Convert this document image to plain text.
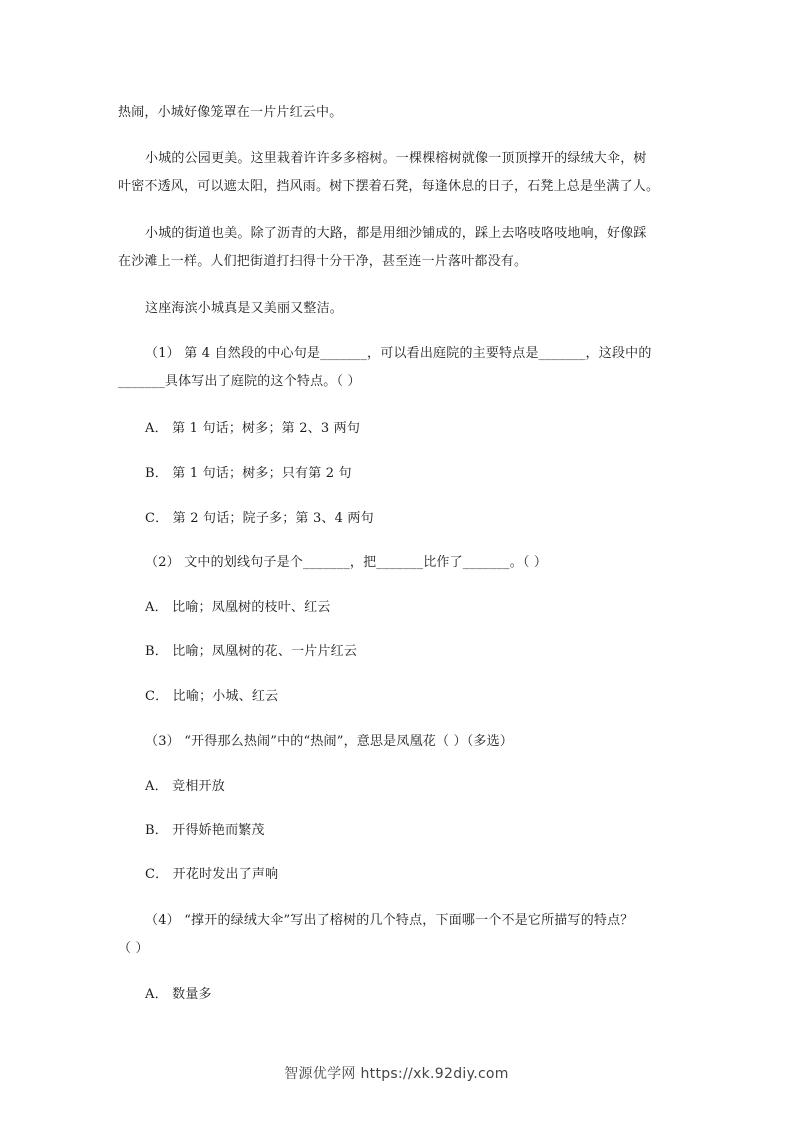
热闹，小城好像笼罩在一片片红云中。
小城的公园更美。这里栽着许许多多榕树。一棵棵榕树就像一顶顶撑开的绿绒大伞，树
叶密不透风，可以遮太阳，挡风雨。树下摆着石凳，每逢休息的日子，石凳上总是坐满了人。
小城的街道也美。除了沥青的大路，都是用细沙铺成的，踩上去咯吱咯吱地响，好像踩
在沙滩上一样。人们把街道打扫得十分干净，甚至连一片落叶都没有。
这座海滨小城真是又美丽又整洁。
（1） 第 4 自然段的中心句是_______，可以看出庭院的主要特点是_______，这段中的
_______具体写出了庭院的这个特点。（ ）
A． 第 1 句话；树多；第 2、3 两句
B． 第 1 句话；树多；只有第 2 句
C． 第 2 句话；院子多；第 3、4 两句
（2） 文中的划线句子是个_______，把_______比作了_______。（ ）
A． 比喻；凤凰树的枝叶、红云
B． 比喻；凤凰树的花、一片片红云
C． 比喻；小城、红云
（3） “开得那么热闹”中的“热闹”，意思是凤凰花（ ）（多选）
A． 竞相开放
B． 开得娇艳而繁茂
C． 开花时发出了声响
（4） “撑开的绿绒大伞”写出了榕树的几个特点，下面哪一个不是它所描写的特点？
（ ）
A． 数量多
智源优学网 https://xk.92diy.com
